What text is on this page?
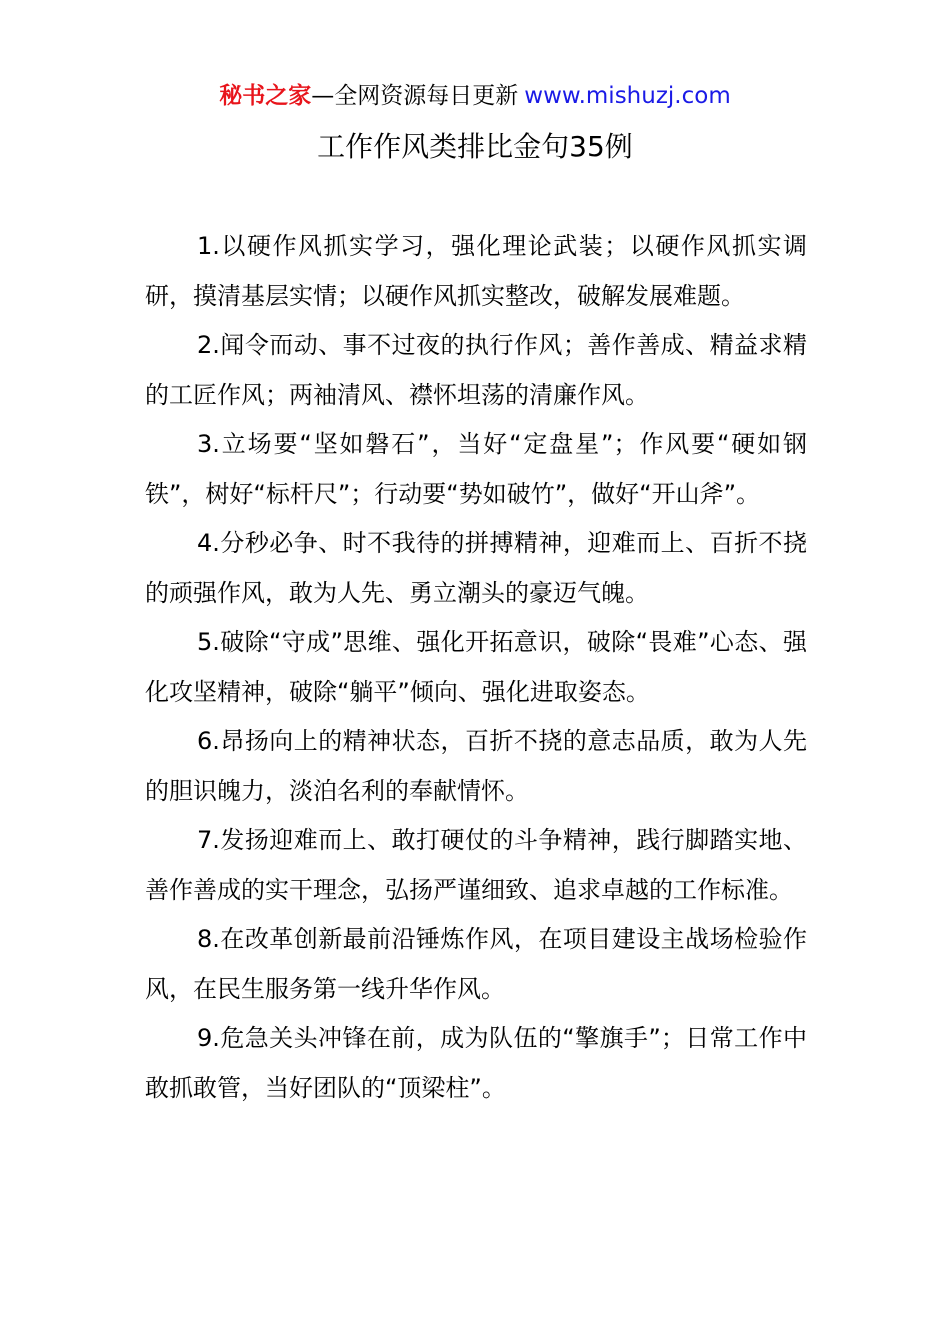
秘书之家—全网资源每日更新 www.mishuzj.com
工作作风类排比金句35例

1.以硬作风抓实学习，强化理论武装；以硬作风抓实调研，摸清基层实情；以硬作风抓实整改，破解发展难题。

2.闻令而动、事不过夜的执行作风；善作善成、精益求精的工匠作风；两袖清风、襟怀坦荡的清廉作风。

3.立场要“坚如磐石”，当好“定盘星”；作风要“硬如钢铁”，树好“标杆尺”；行动要“势如破竹”，做好“开山斧”。

4.分秒必争、时不我待的拼搏精神，迎难而上、百折不挠的顽强作风，敢为人先、勇立潮头的豪迈气魄。

5.破除“守成”思维、强化开拓意识，破除“畏难”心态、强化攻坚精神，破除“躺平”倾向、强化进取姿态。

6.昂扬向上的精神状态，百折不挠的意志品质，敢为人先的胆识魄力，淡泊名利的奉献情怀。

7.发扬迎难而上、敢打硬仗的斗争精神，践行脚踏实地、善作善成的实干理念，弘扬严谨细致、追求卓越的工作标准。

8.在改革创新最前沿锤炼作风，在项目建设主战场检验作风，在民生服务第一线升华作风。

9.危急关头冲锋在前，成为队伍的“擎旗手”；日常工作中敢抓敢管，当好团队的“顶梁柱”。
